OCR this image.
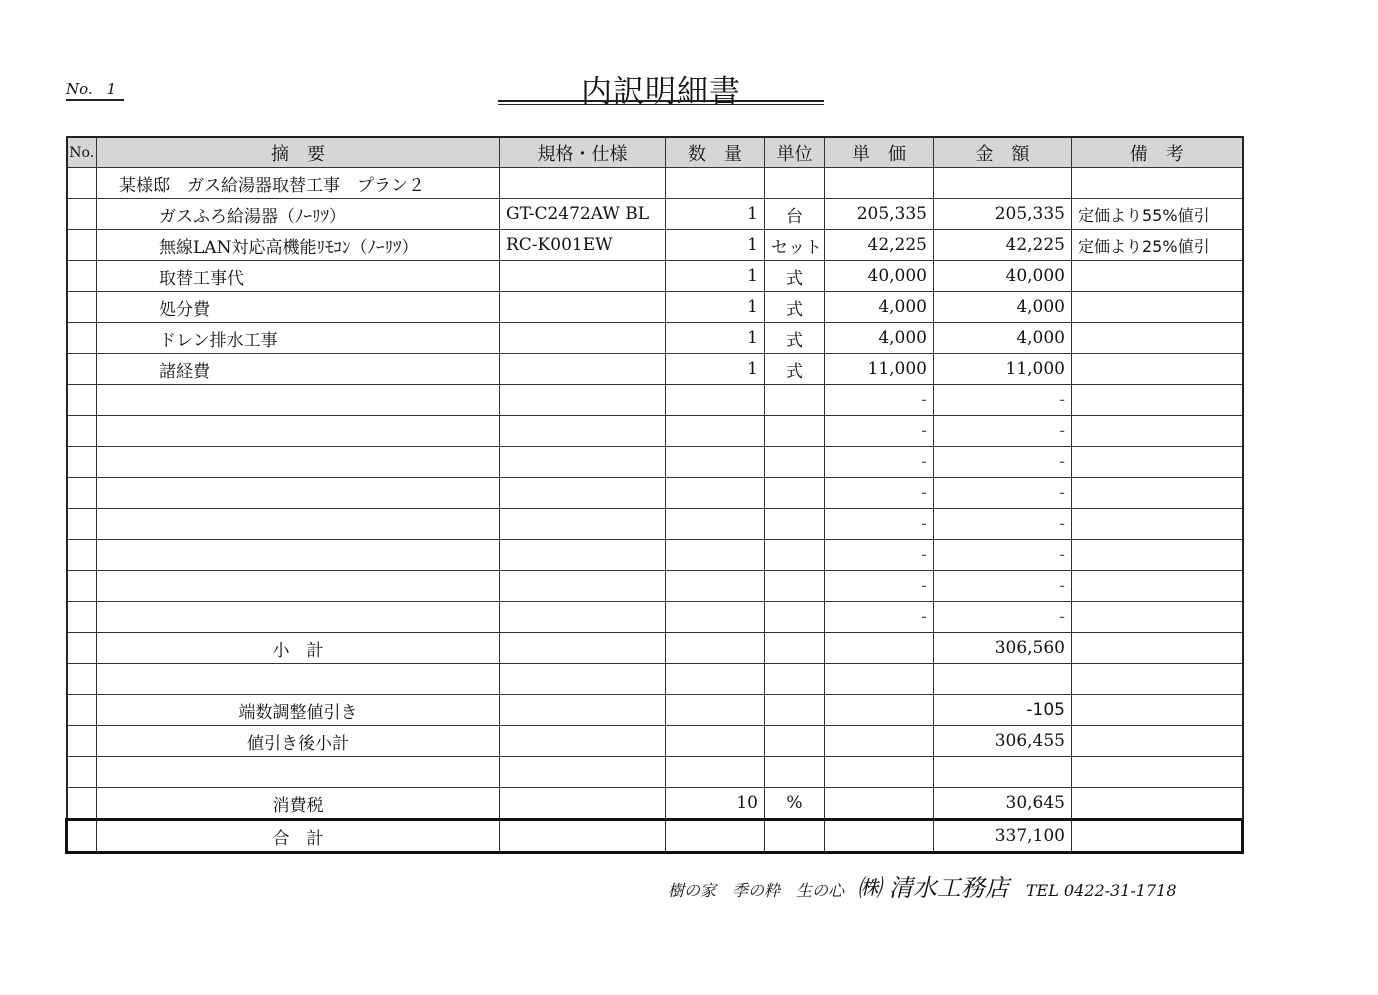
No. 1	内訳明細書
No.	摘　要	規格・仕様	数　量	単位	単　価	金　額	備　考
	某様邸　ガス給湯器取替工事　プラン２						
	ガスふろ給湯器（ﾉｰﾘﾂ）	GT-C2472AW BL	1	台	205,335	205,335	定価より55%値引
	無線LAN対応高機能ﾘﾓｺﾝ（ﾉｰﾘﾂ）	RC-K001EW	1	セット	42,225	42,225	定価より25%値引
	取替工事代		1	式	40,000	40,000	
	処分費		1	式	4,000	4,000	
	ドレン排水工事		1	式	4,000	4,000	
	諸経費		1	式	11,000	11,000	
					-	-	
					-	-	
					-	-	
					-	-	
					-	-	
					-	-	
					-	-	
					-	-	
	小　計					306,560	

	端数調整値引き					-105	
	値引き後小計					306,455	

	消費税		10	%		30,645	
	合　計					337,100	
樹の家　季の粋　生の心 ㈱ 清水工務店 TEL 0422-31-1718
